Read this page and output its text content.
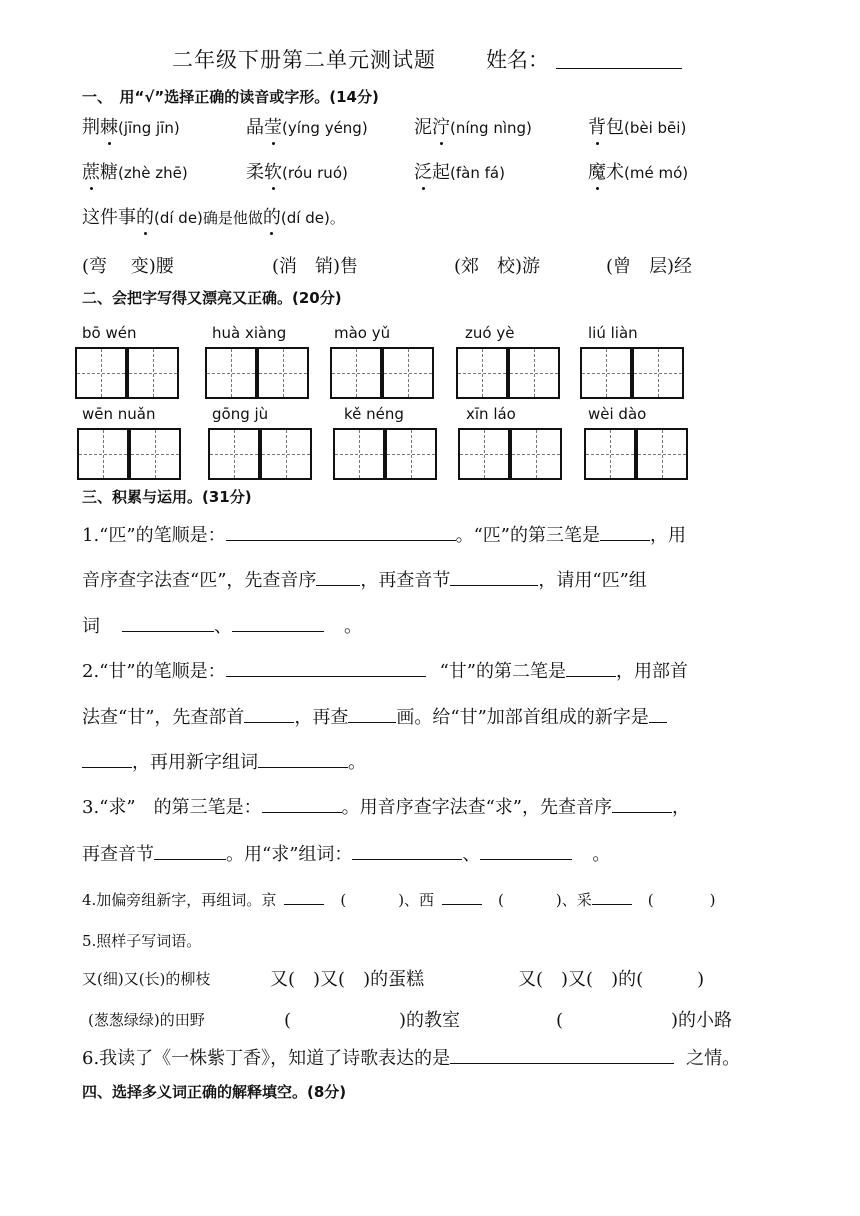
二年级下册第二单元测试题 姓名：
一、　用“√”选择正确的读音或字形。(14分)
荆棘(jīng jīn)	晶莹(yíng yéng)	泥泞(níng nìng)	背包(bèi bēi)
蔗糖(zhè zhē)	柔软(róu ruó)	泛起(fàn fá)	魔术(mé mó)
这件事的(dí de)确是他做的(dí de)。
(弯　 变)腰	(消　销)售	(郊　校)游	(曾　层)经
二、会把字写得又漂亮又正确。(20分)
bō wén	huà xiàng	mào yǔ	zuó yè	liú liàn
wēn nuǎn	gōng jù	kě néng	xīn láo	wèi dào
三、积累与运用。(31分)
1.“匹”的笔顺是：	。“匹”的第三笔是	，用
音序查字法查“匹”，先查音序 ，再查音节	，请用“匹”组
词	、	。
2.“甘”的笔顺是：	“甘”的第二笔是	，用部首
法查“甘”，先查部首	，再查	画。给“甘”加部首组成的新字是
，再用新字组词	。
3.“求”　的第三笔是：	。用音序查字法查“求”，先查音序	，
再查音节	。用“求”组词：	、	。
4.加偏旁组新字，再组词。京	(	)、西	(	)、采	(	)
5.照样子写词语。
又(细)又(长)的柳枝	又(　)又(　)的蛋糕	又(　)又(　)的(　　　)
(葱葱绿绿)的田野	(　　　　　　)的教室	(　　　　　　)的小路
6.我读了《一株紫丁香》，知道了诗歌表达的是	之情。
四、选择多义词正确的解释填空。(8分)
